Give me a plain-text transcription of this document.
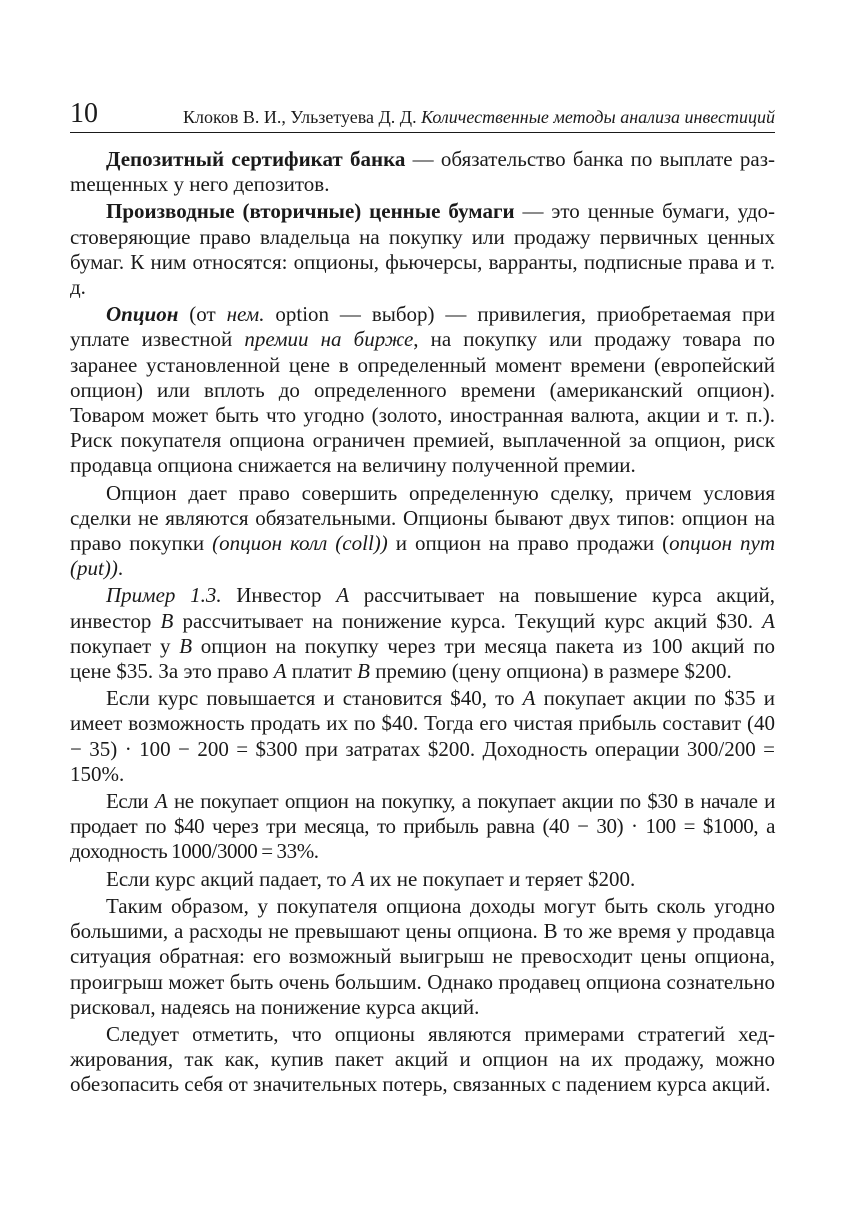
10	Клоков В. И., Ульзетуева Д. Д. Количественные методы анализа инвестиций

Депозитный сертификат банка — обязательство банка по выплате разmещенных у него депозитов.

Производные (вторичные) ценные бумаги — это ценные бумаги, удостоверяющие право владельца на покупку или продажу первичных ценных бумаг. К ним относятся: опционы, фьючерсы, варранты, подписные права и т. д.

Опцион (от нем. option — выбор) — привилегия, приобретаемая при уплате известной премии на бирже, на покупку или продажу товара по заранее установленной цене в определенный момент времени (европейский опцион) или вплоть до определенного времени (американский опцион). Товаром может быть что угодно (золото, иностранная валюта, акции и т. п.). Риск покупателя опциона ограничен премией, выплаченной за опцион, риск продавца опциона снижается на величину полученной премии.

Опцион дает право совершить определенную сделку, причем условия сделки не являются обязательными. Опционы бывают двух типов: опцион на право покупки (опцион колл (coll)) и опцион на право продажи (опцион пут (put)).

Пример 1.3. Инвестор А рассчитывает на повышение курса акций, инвестор В рассчитывает на понижение курса. Текущий курс акций $30. А покупает у В опцион на покупку через три месяца пакета из 100 акций по цене $35. За это право А платит В премию (цену опциона) в размере $200.

Если курс повышается и становится $40, то А покупает акции по $35 и имеет возможность продать их по $40. Тогда его чистая прибыль составит (40 − 35) · 100 − 200 = $300 при затратах $200. Доходность операции 300/200 = 150%.

Если А не покупает опцион на покупку, а покупает акции по $30 в начале и продает по $40 через три месяца, то прибыль равна (40 − 30) · 100 = $1000, а доходность 1000/3000 = 33%.

Если курс акций падает, то А их не покупает и теряет $200.

Таким образом, у покупателя опциона доходы могут быть сколь угодно большими, а расходы не превышают цены опциона. В то же время у продавца ситуация обратная: его возможный выигрыш не превосходит цены опциона, проигрыш может быть очень большим. Однако продавец опциона сознательно рисковал, надеясь на понижение курса акций.

Следует отметить, что опционы являются примерами стратегий хеджирования, так как, купив пакет акций и опцион на их продажу, можно обезопасить себя от значительных потерь, связанных с падением курса акций.
